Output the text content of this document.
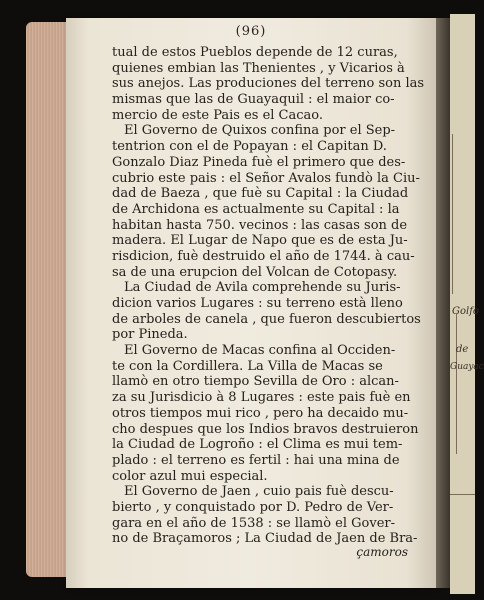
(96)
tual de estos Pueblos depende de 12 curas,
quienes embian las Thenientes , y Vicarios à
sus anejos. Las produciones del terreno son las
mismas que las de Guayaquil : el maior co-
mercio de este Pais es el Cacao.
El Governo de Quixos confina por el Sep-
tentrion con el de Popayan : el Capitan D.
Gonzalo Diaz Pineda fuè el primero que des-
cubrio este pais : el Señor Avalos fundò la Ciu-
dad de Baeza , que fuè su Capital : la Ciudad
de Archidona es actualmente su Capital : la
habitan hasta 750. vecinos : las casas son de
madera. El Lugar de Napo que es de esta Ju-
risdicion, fuè destruido el año de 1744. à cau-
sa de una erupcion del Volcan de Cotopasy.
La Ciudad de Avila comprehende su Juris-
dicion varios Lugares : su terreno està lleno
de arboles de canela , que fueron descubiertos
por Pineda.
El Governo de Macas confina al Occiden-
te con la Cordillera. La Villa de Macas se
llamò en otro tiempo Sevilla de Oro : alcan-
za su Jurisdicio à 8 Lugares : este pais fuè en
otros tiempos mui rico , pero ha decaido mu-
cho despues que los Indios bravos destruieron
la Ciudad de Logroño : el Clima es mui tem-
plado : el terreno es fertil : hai una mina de
color azul mui especial.
El Governo de Jaen , cuio pais fuè descu-
bierto , y conquistado por D. Pedro de Ver-
gara en el año de 1538 : se llamò el Gover-
no de Braçamoros ; La Ciudad de Jaen de Bra-
çamoros
Golfo
de
Guayac
